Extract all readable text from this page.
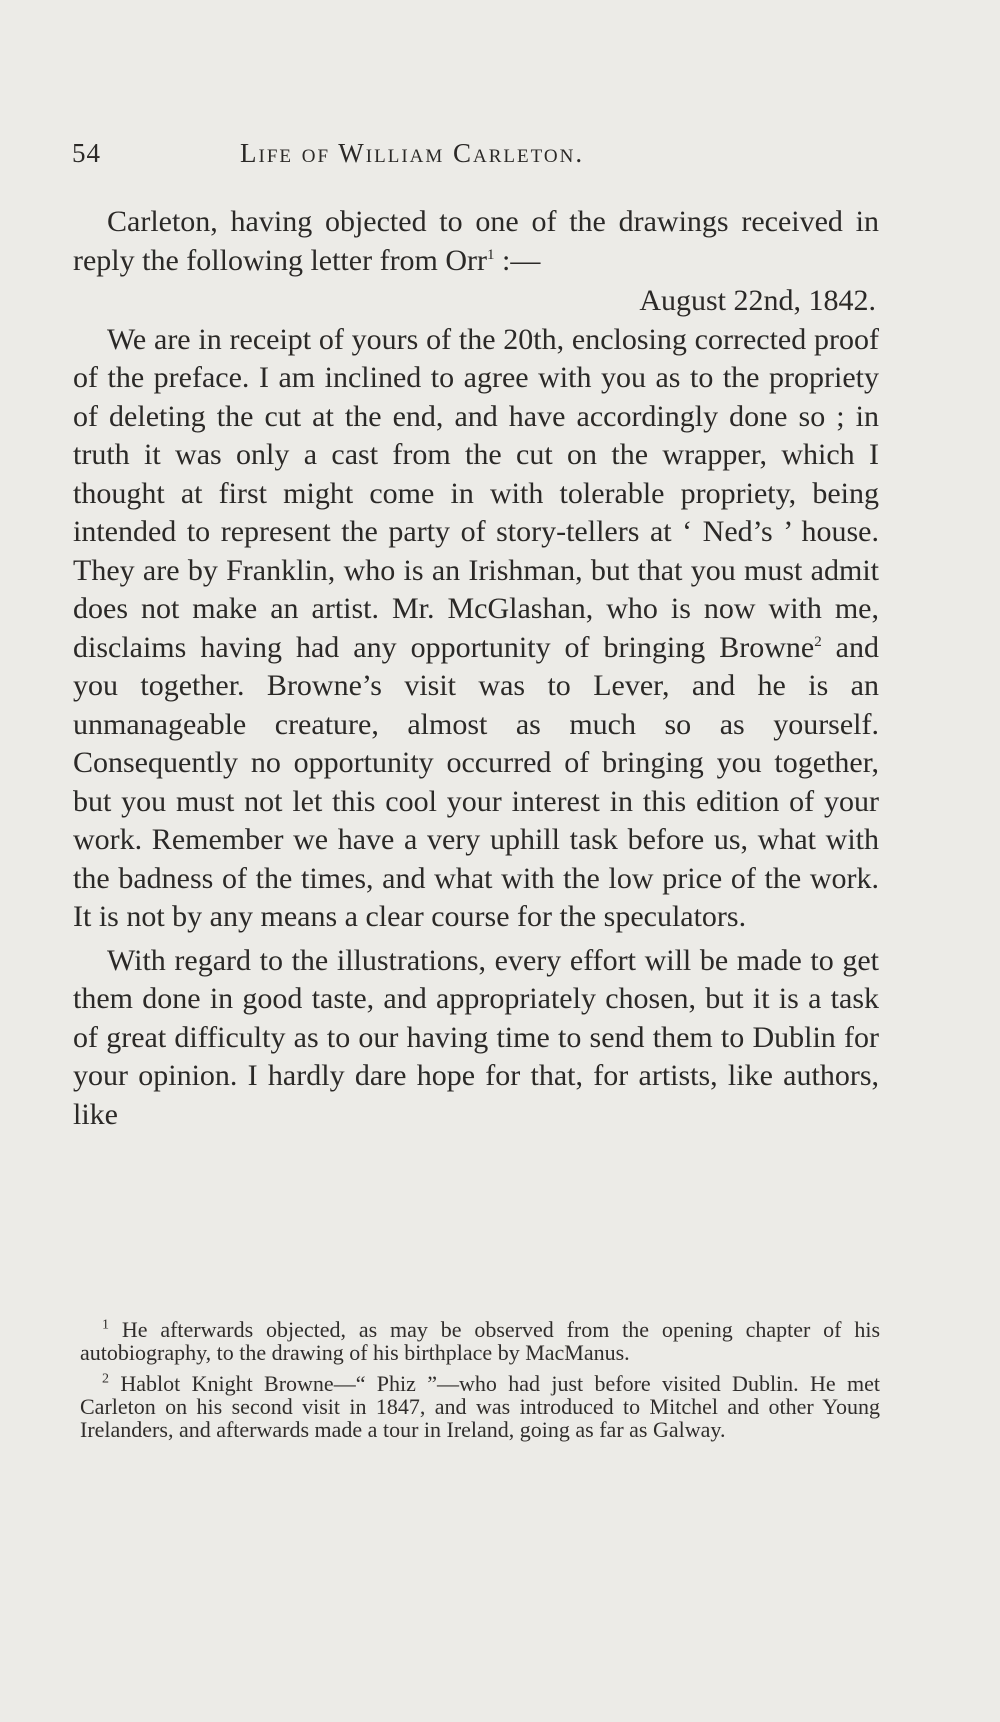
54	Life of William Carleton.

Carleton, having objected to one of the drawings received in reply the following letter from Orr$^1$ :—

August 22nd, 1842.

We are in receipt of yours of the 20th, enclosing corrected proof of the preface. I am inclined to agree with you as to the propriety of deleting the cut at the end, and have accordingly done so ; in truth it was only a cast from the cut on the wrapper, which I thought at first might come in with tolerable propriety, being intended to represent the party of story-tellers at ‘ Ned’s ’ house. They are by Franklin, who is an Irishman, but that you must admit does not make an artist. Mr. McGlashan, who is now with me, disclaims having had any opportunity of bringing Browne$^2$ and you together. Browne’s visit was to Lever, and he is an unmanageable creature, almost as much so as yourself. Consequently no opportunity occurred of bringing you together, but you must not let this cool your interest in this edition of your work. Remember we have a very uphill task before us, what with the badness of the times, and what with the low price of the work. It is not by any means a clear course for the speculators.

With regard to the illustrations, every effort will be made to get them done in good taste, and appropriately chosen, but it is a task of great difficulty as to our having time to send them to Dublin for your opinion. I hardly dare hope for that, for artists, like authors, like

$^1$ He afterwards objected, as may be observed from the opening chapter of his autobiography, to the drawing of his birthplace by MacManus.

$^2$ Hablot Knight Browne—“ Phiz ”—who had just before visited Dublin. He met Carleton on his second visit in 1847, and was introduced to Mitchel and other Young Irelanders, and afterwards made a tour in Ireland, going as far as Galway.
